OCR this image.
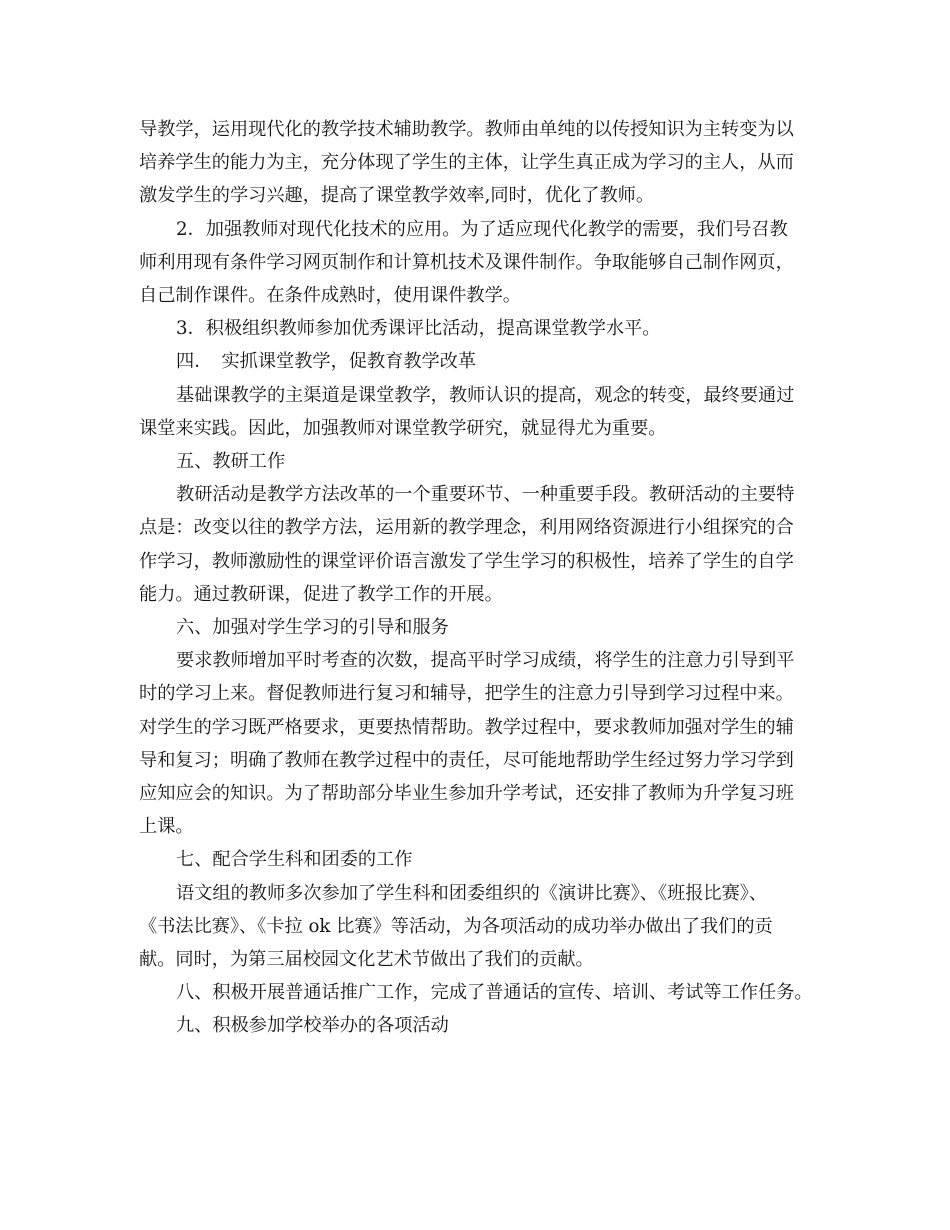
导教学，运用现代化的教学技术辅助教学。教师由单纯的以传授知识为主转变为以

培养学生的能力为主，充分体现了学生的主体，让学生真正成为学习的主人，从而

激发学生的学习兴趣，提高了课堂教学效率,同时，优化了教师。

2．加强教师对现代化技术的应用。为了适应现代化教学的需要，我们号召教

师利用现有条件学习网页制作和计算机技术及课件制作。争取能够自己制作网页，

自己制作课件。在条件成熟时，使用课件教学。

3．积极组织教师参加优秀课评比活动，提高课堂教学水平。

四．　实抓课堂教学，促教育教学改革

基础课教学的主渠道是课堂教学，教师认识的提高，观念的转变，最终要通过

课堂来实践。因此，加强教师对课堂教学研究，就显得尤为重要。

五、教研工作

教研活动是教学方法改革的一个重要环节、一种重要手段。教研活动的主要特

点是：改变以往的教学方法，运用新的教学理念，利用网络资源进行小组探究的合

作学习，教师激励性的课堂评价语言激发了学生学习的积极性，培养了学生的自学

能力。通过教研课，促进了教学工作的开展。

六、加强对学生学习的引导和服务

要求教师增加平时考查的次数，提高平时学习成绩，将学生的注意力引导到平

时的学习上来。督促教师进行复习和辅导，把学生的注意力引导到学习过程中来。

对学生的学习既严格要求，更要热情帮助。教学过程中，要求教师加强对学生的辅

导和复习；明确了教师在教学过程中的责任，尽可能地帮助学生经过努力学习学到

应知应会的知识。为了帮助部分毕业生参加升学考试，还安排了教师为升学复习班

上课。

七、配合学生科和团委的工作

语文组的教师多次参加了学生科和团委组织的《演讲比赛》、《班报比赛》、

《书法比赛》、《卡拉 ok 比赛》等活动，为各项活动的成功举办做出了我们的贡

献。同时，为第三届校园文化艺术节做出了我们的贡献。

八、积极开展普通话推广工作，完成了普通话的宣传、培训、考试等工作任务。

九、积极参加学校举办的各项活动
